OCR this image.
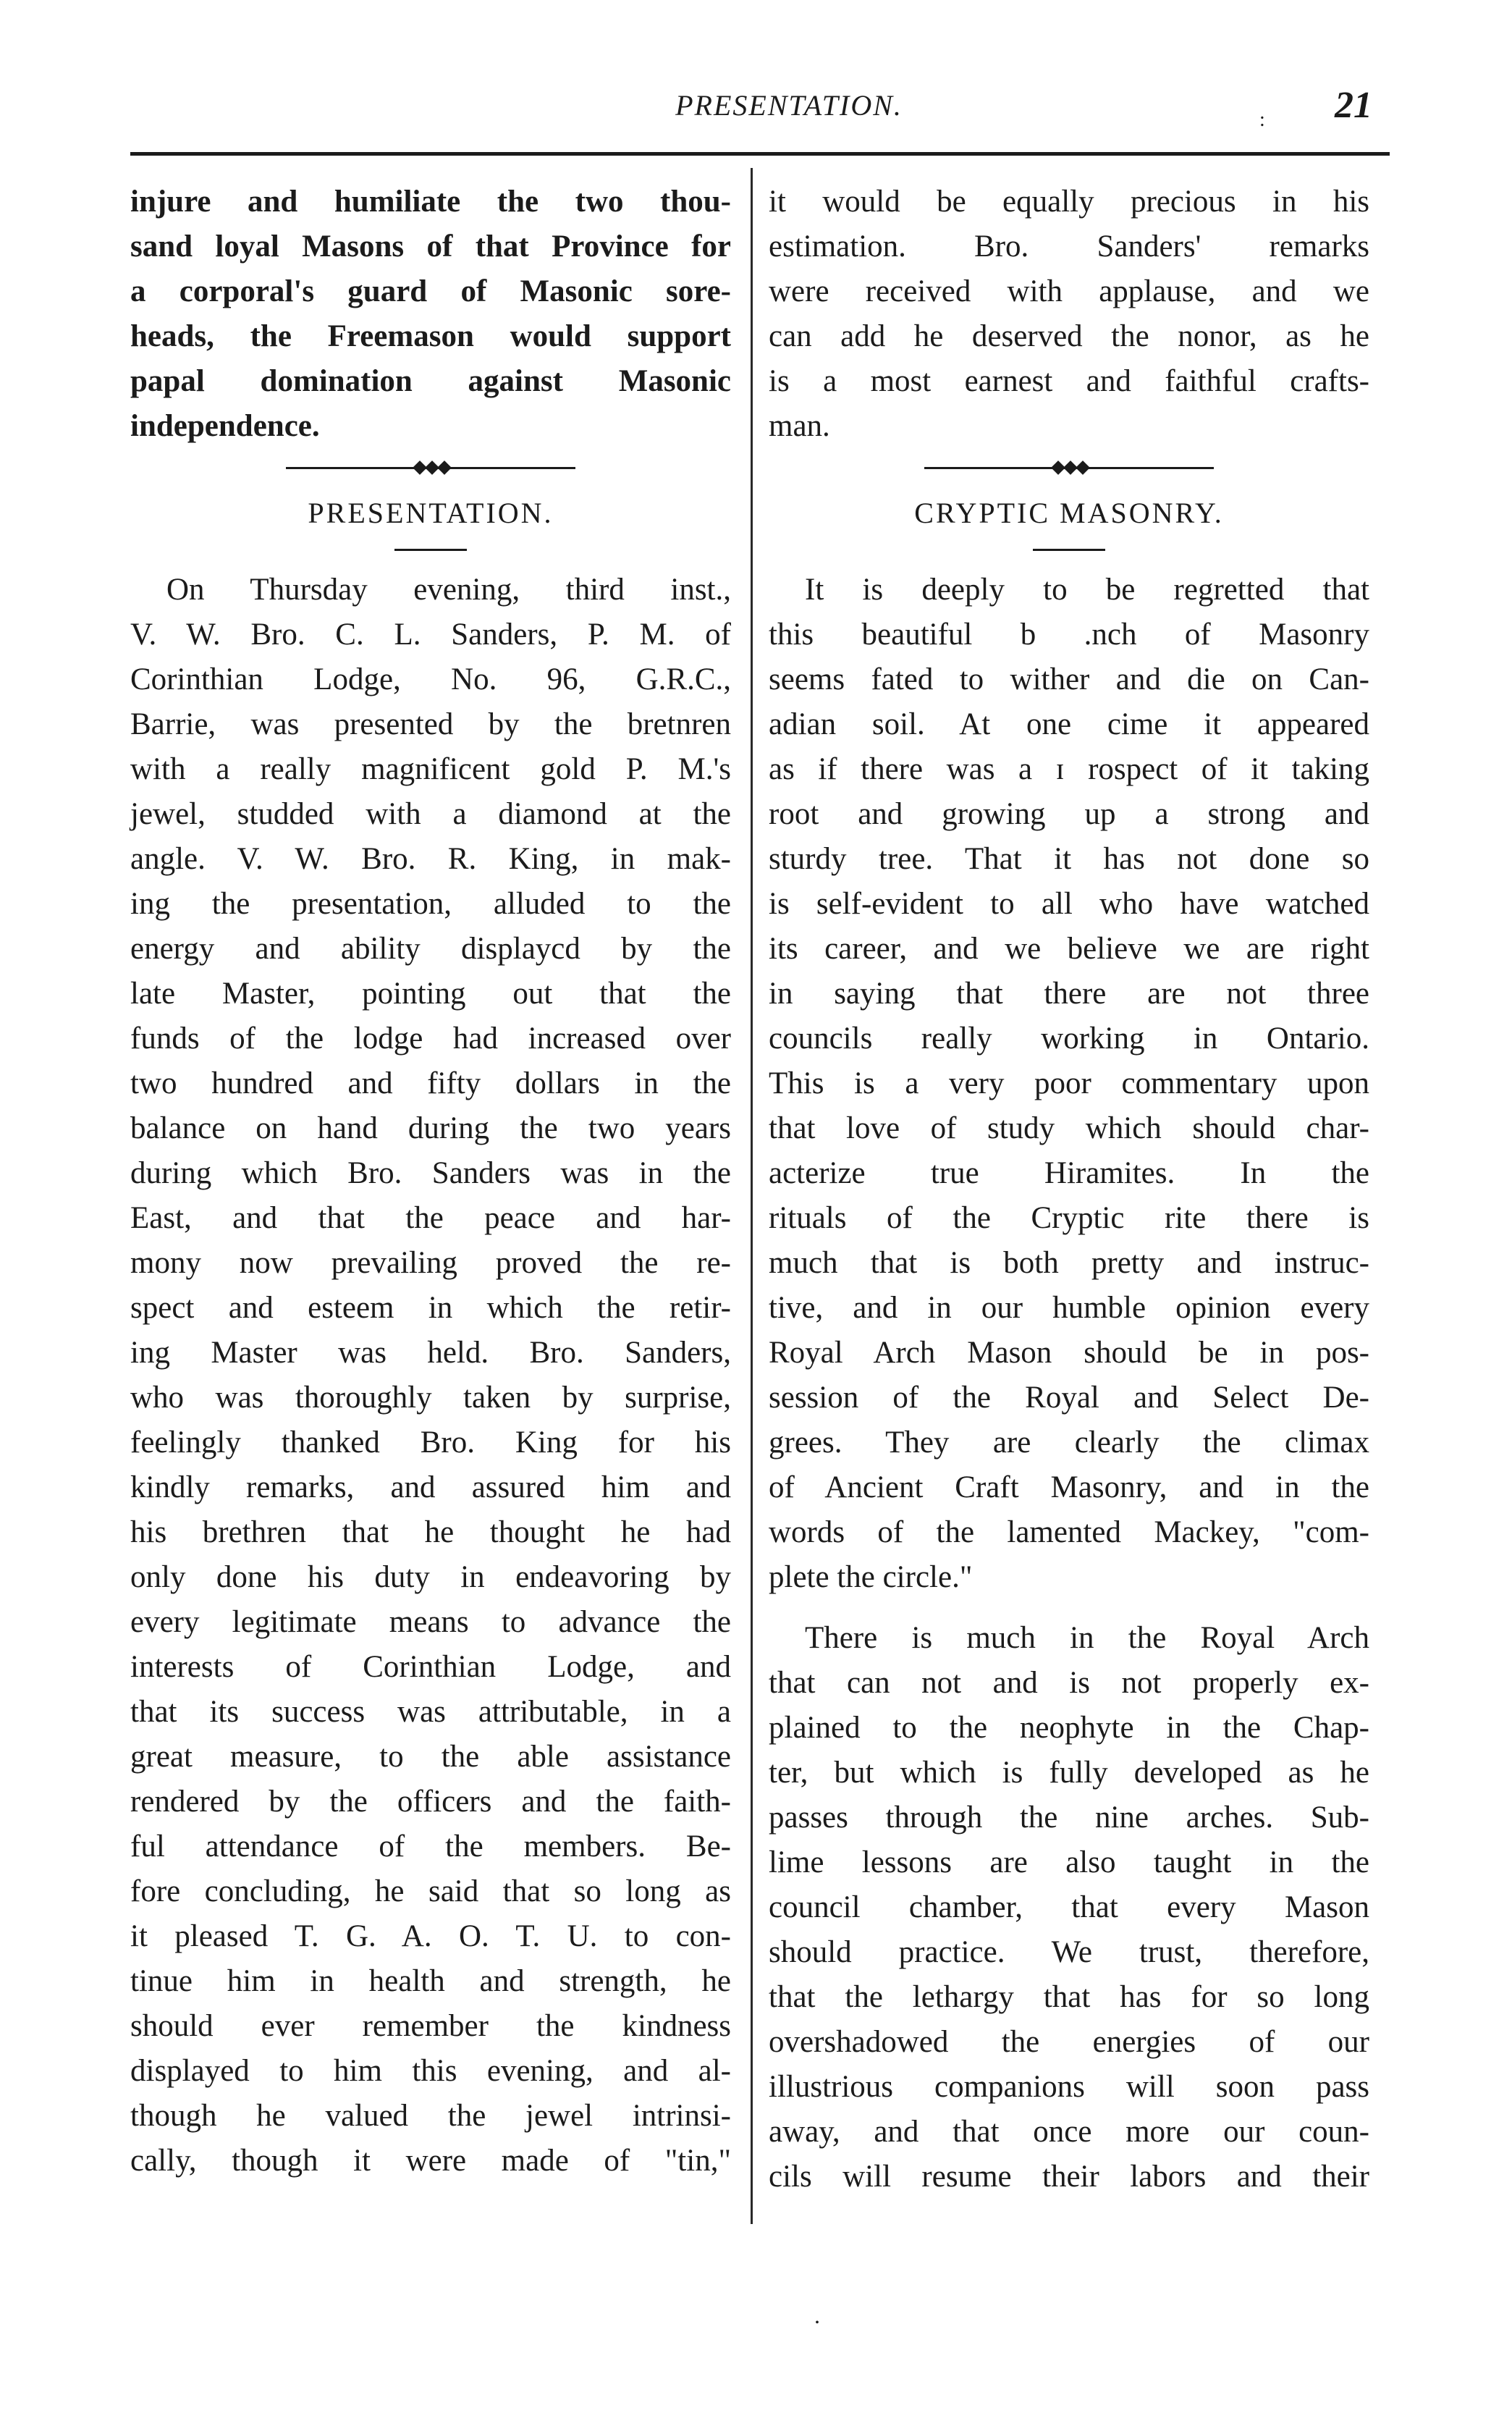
PRESENTATION.	: 21
injure and humiliate the two thou-
sand loyal Masons of that Province for
a corporal's guard of Masonic sore-
heads, the Freemason would support
papal domination against Masonic
independence.
PRESENTATION.
On Thursday evening, third inst.,
V. W. Bro. C. L. Sanders, P. M. of
Corinthian Lodge, No. 96, G.R.C.,
Barrie, was presented by the bretnren
with a really magnificent gold P. M.'s
jewel, studded with a diamond at the
angle. V. W. Bro. R. King, in mak-
ing the presentation, alluded to the
energy and ability displaycd by the
late Master, pointing out that the
funds of the lodge had increased over
two hundred and fifty dollars in the
balance on hand during the two years
during which Bro. Sanders was in the
East, and that the peace and har-
mony now prevailing proved the re-
spect and esteem in which the retir-
ing Master was held. Bro. Sanders,
who was thoroughly taken by surprise,
feelingly thanked Bro. King for his
kindly remarks, and assured him and
his brethren that he thought he had
only done his duty in endeavoring by
every legitimate means to advance the
interests of Corinthian Lodge, and
that its success was attributable, in a
great measure, to the able assistance
rendered by the officers and the faith-
ful attendance of the members. Be-
fore concluding, he said that so long as
it pleased T. G. A. O. T. U. to con-
tinue him in health and strength, he
should ever remember the kindness
displayed to him this evening, and al-
though he valued the jewel intrinsi-
cally, though it were made of "tin,"
it would be equally precious in his
estimation. Bro. Sanders' remarks
were received with applause, and we
can add he deserved the nonor, as he
is a most earnest and faithful crafts-
man.
CRYPTIC MASONRY.
It is deeply to be regretted that
this beautiful b .nch of Masonry
seems fated to wither and die on Can-
adian soil. At one cime it appeared
as if there was a ɪ rospect of it taking
root and growing up a strong and
sturdy tree. That it has not done so
is self-evident to all who have watched
its career, and we believe we are right
in saying that there are not three
councils really working in Ontario.
This is a very poor commentary upon
that love of study which should char-
acterize true Hiramites. In the
rituals of the Cryptic rite there is
much that is both pretty and instruc-
tive, and in our humble opinion every
Royal Arch Mason should be in pos-
session of the Royal and Select De-
grees. They are clearly the climax
of Ancient Craft Masonry, and in the
words of the lamented Mackey, "com-
plete the circle."
There is much in the Royal Arch
that can not and is not properly ex-
plained to the neophyte in the Chap-
ter, but which is fully developed as he
passes through the nine arches. Sub-
lime lessons are also taught in the
council chamber, that every Mason
should practice. We trust, therefore,
that the lethargy that has for so long
overshadowed the energies of our
illustrious companions will soon pass
away, and that once more our coun-
cils will resume their labors and their
.
